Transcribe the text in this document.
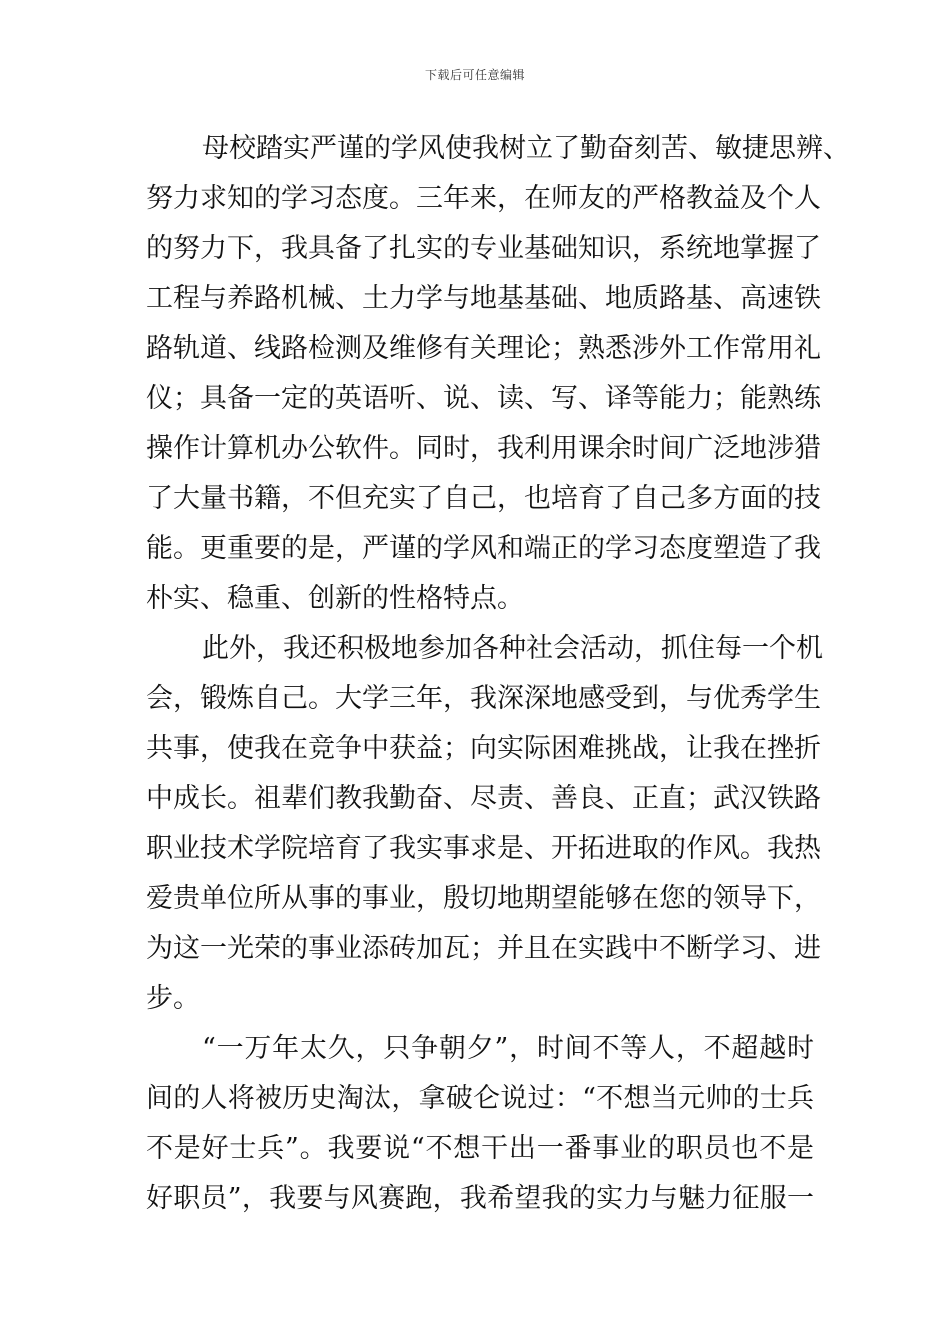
下载后可任意编辑
母校踏实严谨的学风使我树立了勤奋刻苦、敏捷思辨、
努力求知的学习态度。三年来，在师友的严格教益及个人
的努力下，我具备了扎实的专业基础知识，系统地掌握了
工程与养路机械、土力学与地基基础、地质路基、高速铁
路轨道、线路检测及维修有关理论；熟悉涉外工作常用礼
仪；具备一定的英语听、说、读、写、译等能力；能熟练
操作计算机办公软件。同时，我利用课余时间广泛地涉猎
了大量书籍，不但充实了自己，也培育了自己多方面的技
能。更重要的是，严谨的学风和端正的学习态度塑造了我
朴实、稳重、创新的性格特点。
此外，我还积极地参加各种社会活动，抓住每一个机
会，锻炼自己。大学三年，我深深地感受到，与优秀学生
共事，使我在竞争中获益；向实际困难挑战，让我在挫折
中成长。祖辈们教我勤奋、尽责、善良、正直；武汉铁路
职业技术学院培育了我实事求是、开拓进取的作风。我热
爱贵单位所从事的事业，殷切地期望能够在您的领导下，
为这一光荣的事业添砖加瓦；并且在实践中不断学习、进
步。
“一万年太久，只争朝夕”，时间不等人，不超越时
间的人将被历史淘汰，拿破仑说过：“不想当元帅的士兵
不是好士兵”。我要说“不想干出一番事业的职员也不是
好职员”，我要与风赛跑，我希望我的实力与魅力征服一
